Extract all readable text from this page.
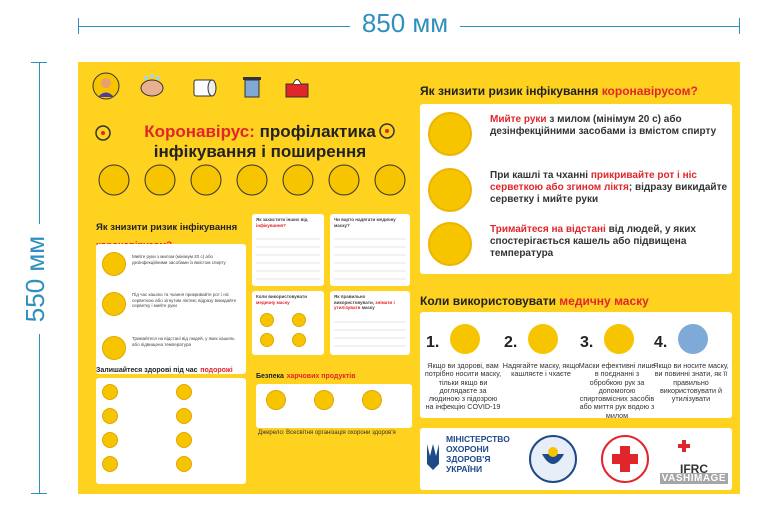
850 мм
550 мм
Коронавірус: профілактика інфікування і поширення
Як знизити ризик інфікування
Мийте руки з милом (мінімум 20 с) або дезінфекційними засобами із вмістом спирту
Під час кашлю та чхання прикривайте рот і ніс серветкою або зігнутим ліктем; відразу викидайте серветку і мийте руки
Тримайтеся на відстані від людей, у яких кашель або підвищена температура
Як захистити інших від інфікування?
Чи варто надягати медичну маску?
Коли використовувати медичну маску
Як правильно використовувати, знімати і утилізувати маску
Залишайтеся здорові під час подорожі
Безпека харчових продуктів
Джерело: Всесвітня організація охорони здоров'я
Як знизити ризик інфікування коронавірусом?
Мийте руки з милом (мінімум 20 с) або дезінфекційними засобами із вмістом спирту
При кашлі та чханні прикривайте рот і ніс серветкою або згином ліктя; відразу викидайте серветку і мийте руки
Тримайтеся на відстані від людей, у яких спостерігається кашель або підвищена температура
Коли використовувати медичну маску
1.
Якщо ви здорові, вам потрібно носити маску, тільки якщо ви доглядаєте за людиною з підозрою на інфекцію COVID-19
2.
Надягайте маску, якщо кашляєте і чхаєте
3.
Маски ефективні лише в поєднанні з обробкою рук за допомогою спиртовмісних засобів або миття рук водою з милом
4.
Якщо ви носите маску, ви повинні знати, як її правильно використовувати й утилізувати
МІНІСТЕРСТВО ОХОРОНИ ЗДОРОВ'Я УКРАЇНИ	IFRC
VASHIMAGE
